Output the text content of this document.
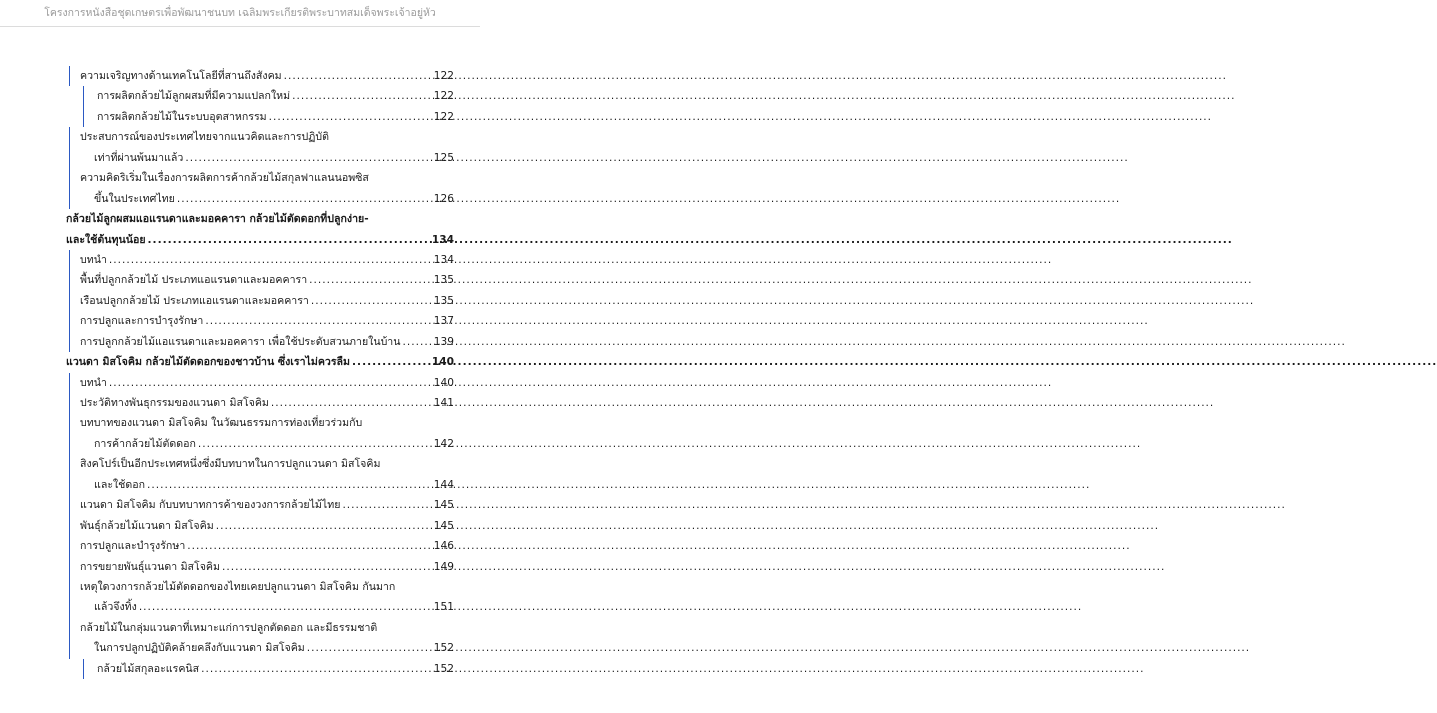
โครงการหนังสือชุดเกษตรเพื่อพัฒนาชนบท เฉลิมพระเกียรติพระบาทสมเด็จพระเจ้าอยู่หัว
ความเจริญทางด้านเทคโนโลยีที่สานถึงสังคม .....	122
การผลิตกล้วยไม้ลูกผสมที่มีความแปลกใหม่ .....	122
การผลิตกล้วยไม้ในระบบอุตสาหกรรม .....	122
ประสบการณ์ของประเทศไทยจากแนวคิดและการปฏิบัติ
เท่าที่ผ่านพ้นมาแล้ว .....	125
ความคิดริเริ่มในเรื่องการผลิตการค้ากล้วยไม้สกุลฟาแลนนอพซิส
ขึ้นในประเทศไทย .....	126
กล้วยไม้ลูกผสมแอแรนดาและมอคคารา กล้วยไม้ตัดดอกที่ปลูกง่าย-
และใช้ต้นทุนน้อย .....	134
บทนำ .....	134
พื้นที่ปลูกกล้วยไม้ ประเภทแอแรนดาและมอคคารา .....	135
เรือนปลูกกล้วยไม้ ประเภทแอแรนดาและมอคคารา .....	135
การปลูกและการบำรุงรักษา .....	137
การปลูกกล้วยไม้แอแรนดาและมอคคารา เพื่อใช้ประดับสวนภายในบ้าน .....	139
แวนดา มิสโจคิม กล้วยไม้ตัดดอกของชาวบ้าน ซึ่งเราไม่ควรลืม .....	140
บทนำ .....	140
ประวัติทางพันธุกรรมของแวนดา มิสโจคิม .....	141
บทบาทของแวนดา มิสโจคิม ในวัฒนธรรมการท่องเที่ยวร่วมกับ
การค้ากล้วยไม้ตัดดอก .....	142
สิงคโปร์เป็นอีกประเทศหนึ่งซึ่งมีบทบาทในการปลูกแวนดา มิสโจคิม
และใช้ดอก .....	144
แวนดา มิสโจคิม กับบทบาทการค้าของวงการกล้วยไม้ไทย .....	145
พันธุ์กล้วยไม้แวนดา มิสโจคิม .....	145
การปลูกและบำรุงรักษา .....	146
การขยายพันธุ์แวนดา มิสโจคิม .....	149
เหตุใดวงการกล้วยไม้ตัดดอกของไทยเคยปลูกแวนดา มิสโจคิม กันมาก
แล้วจึงทิ้ง .....	151
กล้วยไม้ในกลุ่มแวนดาที่เหมาะแก่การปลูกตัดดอก และมีธรรมชาติ
ในการปลูกปฏิบัติคล้ายคลึงกับแวนดา มิสโจคิม .....	152
กล้วยไม้สกุลอะแรคนิส .....	152
